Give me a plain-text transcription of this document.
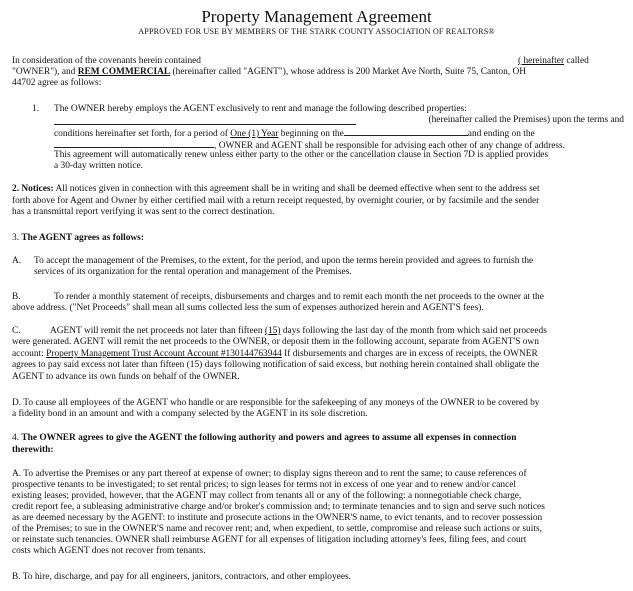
Property Management Agreement
APPROVED FOR USE BY MEMBERS OF THE STARK COUNTY ASSOCIATION OF REALTORS®
In consideration of the covenants herein contained	( hereinafter called
"OWNER"), and REM COMMERCIAL (hereinafter called "AGENT"), whose address is 200 Market Ave North, Suite 75, Canton, OH
44702 agree as follows:
1. The OWNER hereby employs the AGENT exclusively to rent and manage the following described properties:
(hereinafter called the Premises) upon the terms and
conditions hereinafter set forth, for a period of One (1) Year beginning on the	and ending on the
, OWNER and AGENT shall be responsible for advising each other of any change of address.
This agreement will automatically renew unless either party to the other or the cancellation clause in Section 7D is applied provides
a 30-day written notice.
2. Notices: All notices given in connection with this agreement shall be in writing and shall be deemed effective when sent to the address set
forth above for Agent and Owner by either certified mail with a return receipt requested, by overnight courier, or by facsimile and the sender
has a transmittal report verifying it was sent to the correct destination.
3. The AGENT agrees as follows:
A. To accept the management of the Premises, to the extent, for the period, and upon the terms herein provided and agrees to furnish the
services of its organization for the rental operation and management of the Premises.
B.	To render a monthly statement of receipts, disbursements and charges and to remit each month the net proceeds to the owner at the
above address. ("Net Proceeds" shall mean all sums collected less the sum of expenses authorized herein and AGENT'S fees).
C.	AGENT will remit the net proceeds not later than fifteen (15) days following the last day of the month from which said net proceeds
were generated. AGENT will remit the net proceeds to the OWNER, or deposit them in the following account, separate from AGENT'S own
account: Property Management Trust Account Account #130144763944 If disbursements and charges are in excess of receipts, the OWNER
agrees to pay said excess not later than fifteen (15) days following notification of said excess, but nothing herein contained shall obligate the
AGENT to advance its own funds on behalf of the OWNER.
D. To cause all employees of the AGENT who handle or are responsible for the safekeeping of any moneys of the OWNER to be covered by
a fidelity bond in an amount and with a company selected by the AGENT in its sole discretion.
4. The OWNER agrees to give the AGENT the following authority and powers and agrees to assume all expenses in connection
therewith:
A. To advertise the Premises or any part thereof at expense of owner; to display signs thereon and to rent the same; to cause references of
prospective tenants to be investigated; to set rental prices; to sign leases for terms not in excess of one year and to renew and/or cancel
existing leases; provided, however, that the AGENT may collect from tenants all or any of the following: a nonnegotiable check charge,
credit report fee, a subleasing administrative charge and/or broker's commission and; to terminate tenancies and to sign and serve such notices
as are deemed necessary by the AGENT: to institute and prosecute actions in the OWNER'S name, to evict tenants, and to recover possession
of the Premises; to sue in the OWNER'S name and recover rent; and, when expedient, to settle, compromise and release such actions or suits,
or reinstate such tenancies. OWNER shall reimburse AGENT for all expenses of litigation including attorney's fees, filing fees, and court
costs which AGENT does not recover from tenants.
B. To hire, discharge, and pay for all engineers, janitors, contractors, and other employees.
